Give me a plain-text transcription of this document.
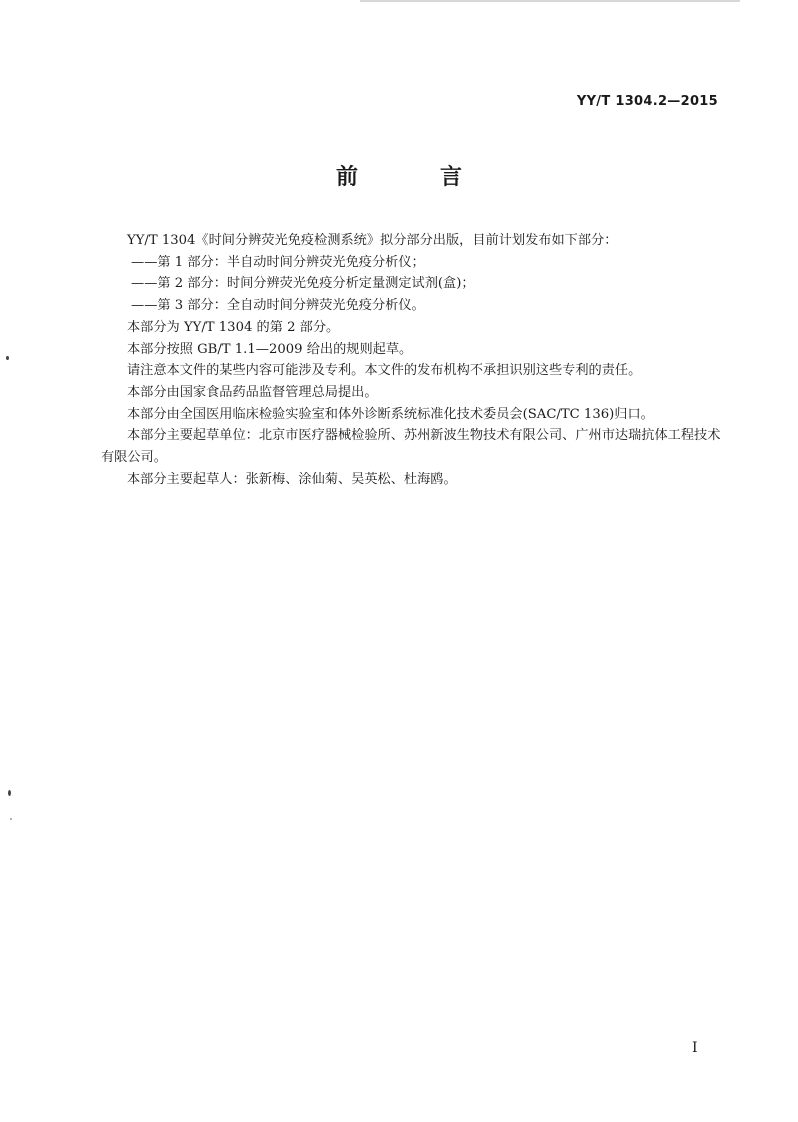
YY/T 1304.2—2015
前　言

YY/T 1304《时间分辨荧光免疫检测系统》拟分部分出版，目前计划发布如下部分：

——第 1 部分：半自动时间分辨荧光免疫分析仪；

——第 2 部分：时间分辨荧光免疫分析定量测定试剂(盒)；

——第 3 部分：全自动时间分辨荧光免疫分析仪。

本部分为 YY/T 1304 的第 2 部分。

本部分按照 GB/T 1.1—2009 给出的规则起草。

请注意本文件的某些内容可能涉及专利。本文件的发布机构不承担识别这些专利的责任。

本部分由国家食品药品监督管理总局提出。

本部分由全国医用临床检验实验室和体外诊断系统标准化技术委员会(SAC/TC 136)归口。

本部分主要起草单位：北京市医疗器械检验所、苏州新波生物技术有限公司、广州市达瑞抗体工程技术有限公司。

本部分主要起草人：张新梅、涂仙菊、吴英松、杜海鸥。

I
